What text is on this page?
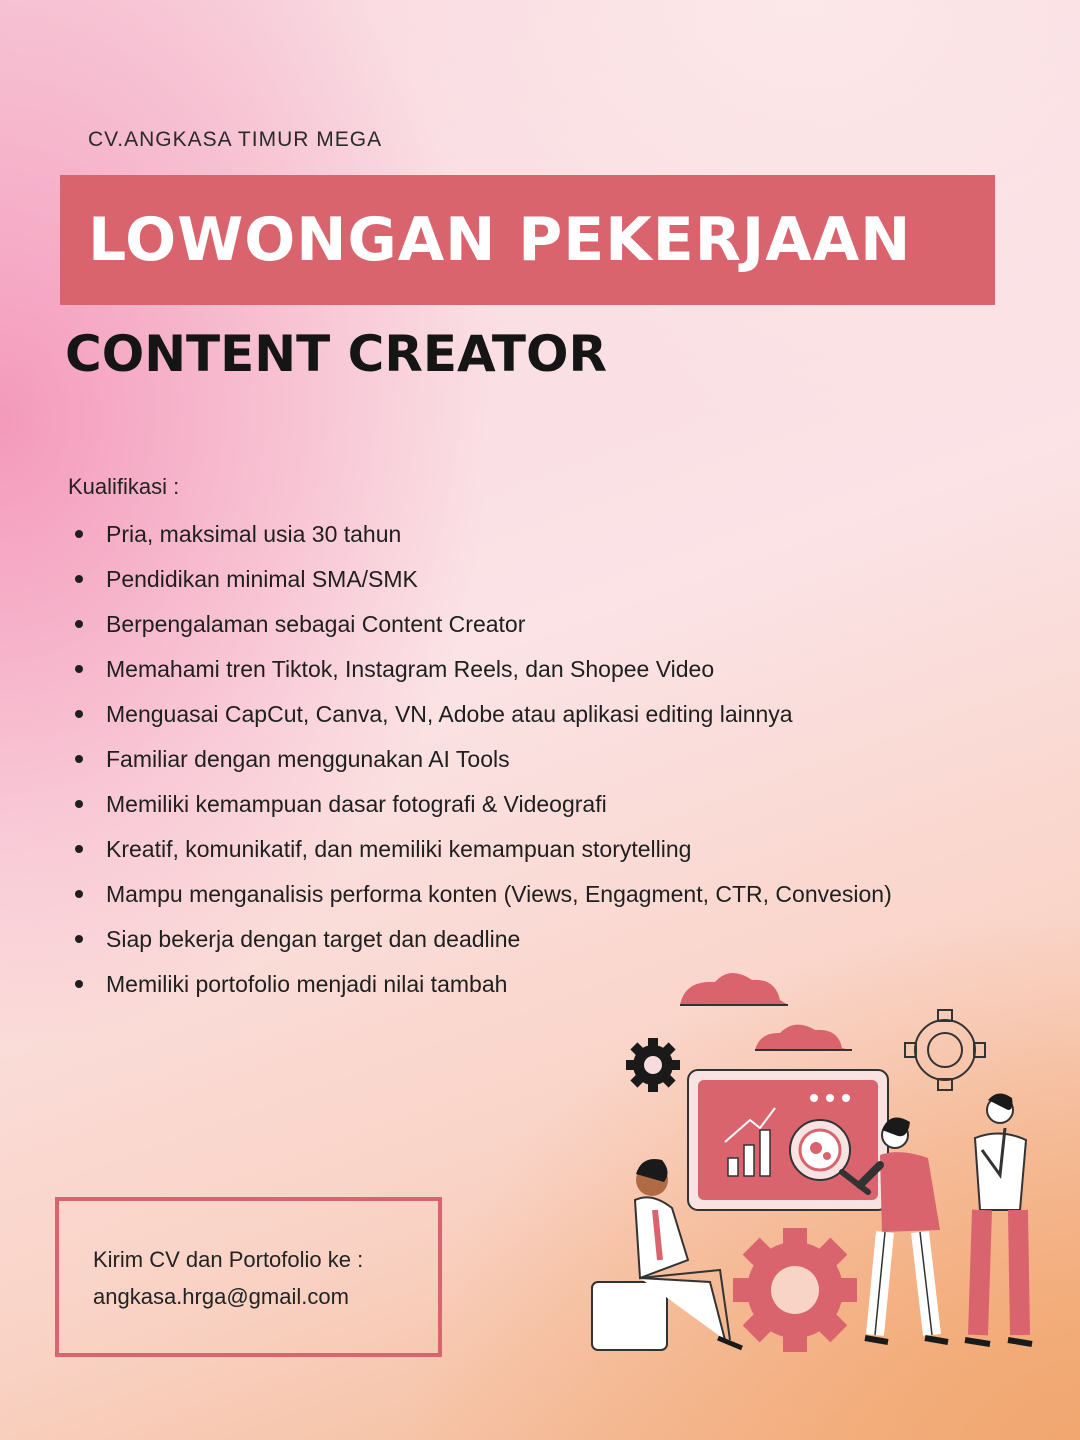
CV.ANGKASA TIMUR MEGA
LOWONGAN PEKERJAAN
CONTENT CREATOR
Kualifikasi :
Pria, maksimal usia 30 tahun
Pendidikan minimal SMA/SMK
Berpengalaman sebagai Content Creator
Memahami tren Tiktok, Instagram Reels, dan Shopee Video
Menguasai CapCut, Canva, VN, Adobe atau aplikasi editing lainnya
Familiar dengan menggunakan AI Tools
Memiliki kemampuan dasar fotografi & Videografi
Kreatif, komunikatif, dan memiliki kemampuan storytelling
Mampu menganalisis performa konten (Views, Engagment, CTR, Convesion)
Siap bekerja dengan target dan deadline
Memiliki portofolio menjadi nilai tambah
Kirim CV dan Portofolio ke :
angkasa.hrga@gmail.com
